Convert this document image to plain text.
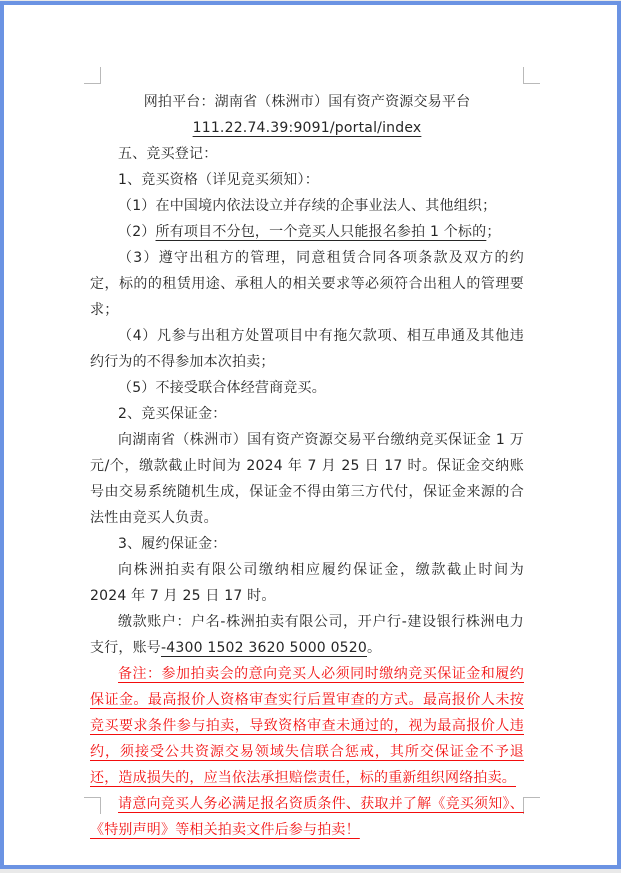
网拍平台：湖南省（株洲市）国有资产资源交易平台

111.22.74.39:9091/portal/index

五、竞买登记：

1、竞买资格（详见竞买须知）：

（1）在中国境内依法设立并存续的企事业法人、其他组织；

（2）所有项目不分包，一个竞买人只能报名参拍 1 个标的；

（3）遵守出租方的管理，同意租赁合同各项条款及双方的约定，标的的租赁用途、承租人的相关要求等必须符合出租人的管理要求；

（4）凡参与出租方处置项目中有拖欠款项、相互串通及其他违约行为的不得参加本次拍卖；

（5）不接受联合体经营商竞买。

2、竞买保证金：

向湖南省（株洲市）国有资产资源交易平台缴纳竞买保证金 1 万元/个，缴款截止时间为 2024 年 7 月 25 日 17 时。保证金交纳账号由交易系统随机生成，保证金不得由第三方代付，保证金来源的合法性由竞买人负责。

3、履约保证金：

向株洲拍卖有限公司缴纳相应履约保证金，缴款截止时间为 2024 年 7 月 25 日 17 时。

缴款账户：户名-株洲拍卖有限公司，开户行-建设银行株洲电力支行，账号-4300 1502 3620 5000 0520。

备注：参加拍卖会的意向竞买人必须同时缴纳竞买保证金和履约保证金。最高报价人资格审查实行后置审查的方式。最高报价人未按竞买要求条件参与拍卖，导致资格审查未通过的，视为最高报价人违约，须接受公共资源交易领域失信联合惩戒，其所交保证金不予退还，造成损失的，应当依法承担赔偿责任，标的重新组织网络拍卖。

请意向竞买人务必满足报名资质条件、获取并了解《竞买须知》、《特别声明》等相关拍卖文件后参与拍卖！
